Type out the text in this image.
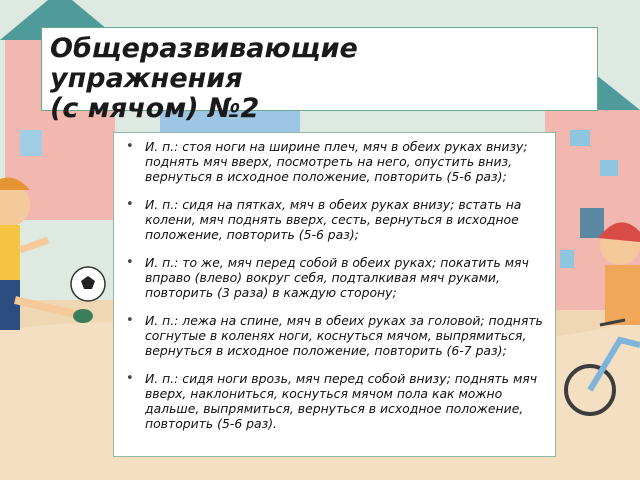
Общеразвивающие
упражнения
(с мячом) №2
• И. п.: стоя ноги на ширине плеч, мяч в обеих руках внизу; поднять мяч вверх, посмотреть на него, опустить вниз, вернуться в исходное положение, повторить (5-6 раз);
• И. п.: сидя на пятках, мяч в обеих руках внизу; встать на колени, мяч поднять вверх, сесть, вернуться в исходное положение, повторить (5-6 раз);
• И. п.: то же, мяч перед собой в обеих руках; покатить мяч вправо (влево) вокруг себя, подталкивая мяч руками, повторить (3 раза) в каждую сторону;
• И. п.: лежа на спине, мяч в обеих руках за головой; поднять согнутые в коленях ноги, коснуться мячом, выпрямиться, вернуться в исходное положение, повторить (6-7 раз);
• И. п.: сидя ноги врозь, мяч перед собой внизу; поднять мяч вверх, наклониться, коснуться мячом пола как можно дальше, выпрямиться, вернуться в исходное положение, повторить (5-6 раз).
